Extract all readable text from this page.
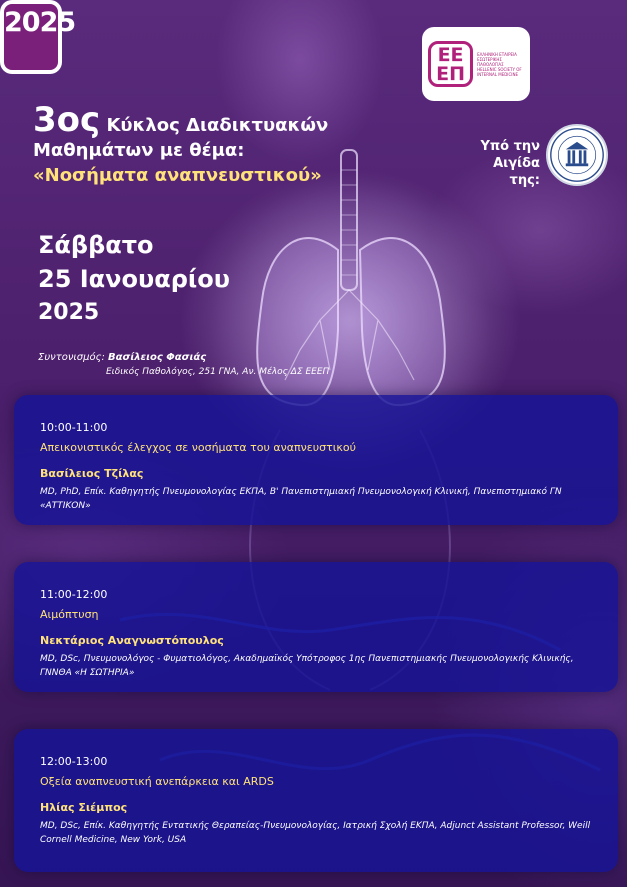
ΕΕ ΕΠ
ΕΛΛΗΝΙΚΗ ΕΤΑΙΡΕΙΑ ΕΣΩΤΕΡΙΚΗΣ ΠΑΘΟΛΟΓΙΑΣ HELLENIC SOCIETY OF INTERNAL MEDICINE
2025
3ος Κύκλος Διαδικτυακών
Μαθημάτων με θέμα:
«Νοσήματα αναπνευστικού»
Υπό την
Αιγίδα της:
Σάββατο
25 Ιανουαρίου
2025
Συντονισμός: Βασίλειος Φασιάς
Ειδικός Παθολόγος, 251 ΓΝΑ, Αν. Μέλος ΔΣ ΕΕΕΠ
10:00-11:00
Απεικονιστικός έλεγχος σε νοσήματα του αναπνευστικού
Βασίλειος Τζίλας
MD, PhD, Επίκ. Καθηγητής Πνευμονολογίας ΕΚΠΑ, Β' Πανεπιστημιακή Πνευμονολογική Κλινική, Πανεπιστημιακό ΓΝ «ΑΤΤΙΚΟΝ»
11:00-12:00
Αιμόπτυση
Νεκτάριος Αναγνωστόπουλος
MD, DSc, Πνευμονολόγος - Φυματιολόγος, Ακαδημαϊκός Υπότροφος 1ης Πανεπιστημιακής Πνευμονολογικής Κλινικής, ΓΝΝΘΑ «Η ΣΩΤΗΡΙΑ»
12:00-13:00
Οξεία αναπνευστική ανεπάρκεια και ARDS
Ηλίας Σιέμπος
MD, DSc, Επίκ. Καθηγητής Εντατικής Θεραπείας-Πνευμονολογίας, Ιατρική Σχολή ΕΚΠΑ, Adjunct Assistant Professor, Weill Cornell Medicine, New York, USA
